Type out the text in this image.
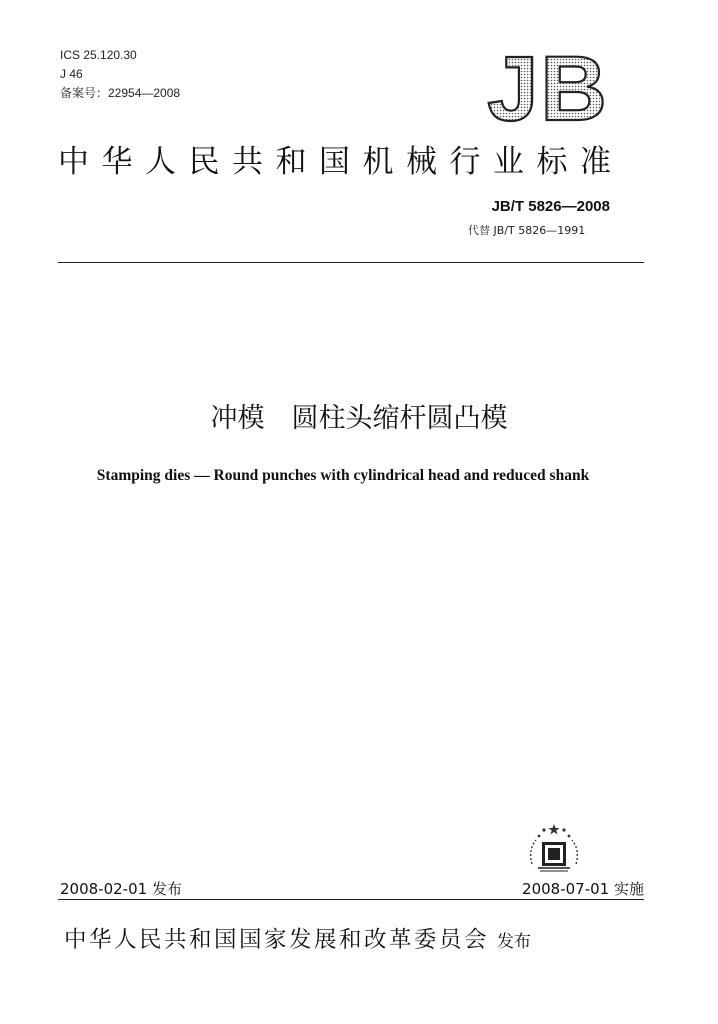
ICS 25.120.30
J 46
备案号：22954—2008	JB
中华人民共和国机械行业标准
JB/T 5826—2008
代替 JB/T 5826—1991
冲模　圆柱头缩杆圆凸模
Stamping dies — Round punches with cylindrical head and reduced shank
2008-02-01 发布	2008-07-01 实施
中华人民共和国国家发展和改革委员会 发布
